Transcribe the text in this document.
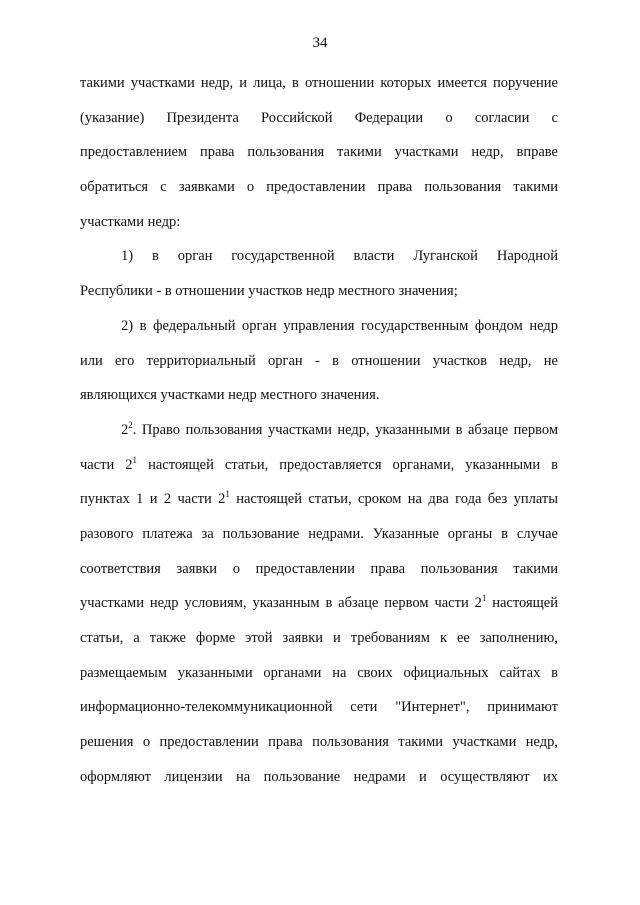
34
такими участками недр, и лица, в отношении которых имеется поручение
(указание) Президента Российской Федерации о согласии с
предоставлением права пользования такими участками недр, вправе
обратиться с заявками о предоставлении права пользования такими
участками недр:
1) в орган государственной власти Луганской Народной
Республики - в отношении участков недр местного значения;
2) в федеральный орган управления государственным фондом недр
или его территориальный орган - в отношении участков недр, не
являющихся участками недр местного значения.
$2^2$. Право пользования участками недр, указанными в абзаце первом
части $2^1$ настоящей статьи, предоставляется органами, указанными в
пунктах 1 и 2 части $2^1$ настоящей статьи, сроком на два года без уплаты
разового платежа за пользование недрами. Указанные органы в случае
соответствия заявки о предоставлении права пользования такими
участками недр условиям, указанным в абзаце первом части $2^1$ настоящей
статьи, а также форме этой заявки и требованиям к ее заполнению,
размещаемым указанными органами на своих официальных сайтах в
информационно-телекоммуникационной сети "Интернет", принимают
решения о предоставлении права пользования такими участками недр,
оформляют лицензии на пользование недрами и осуществляют их
